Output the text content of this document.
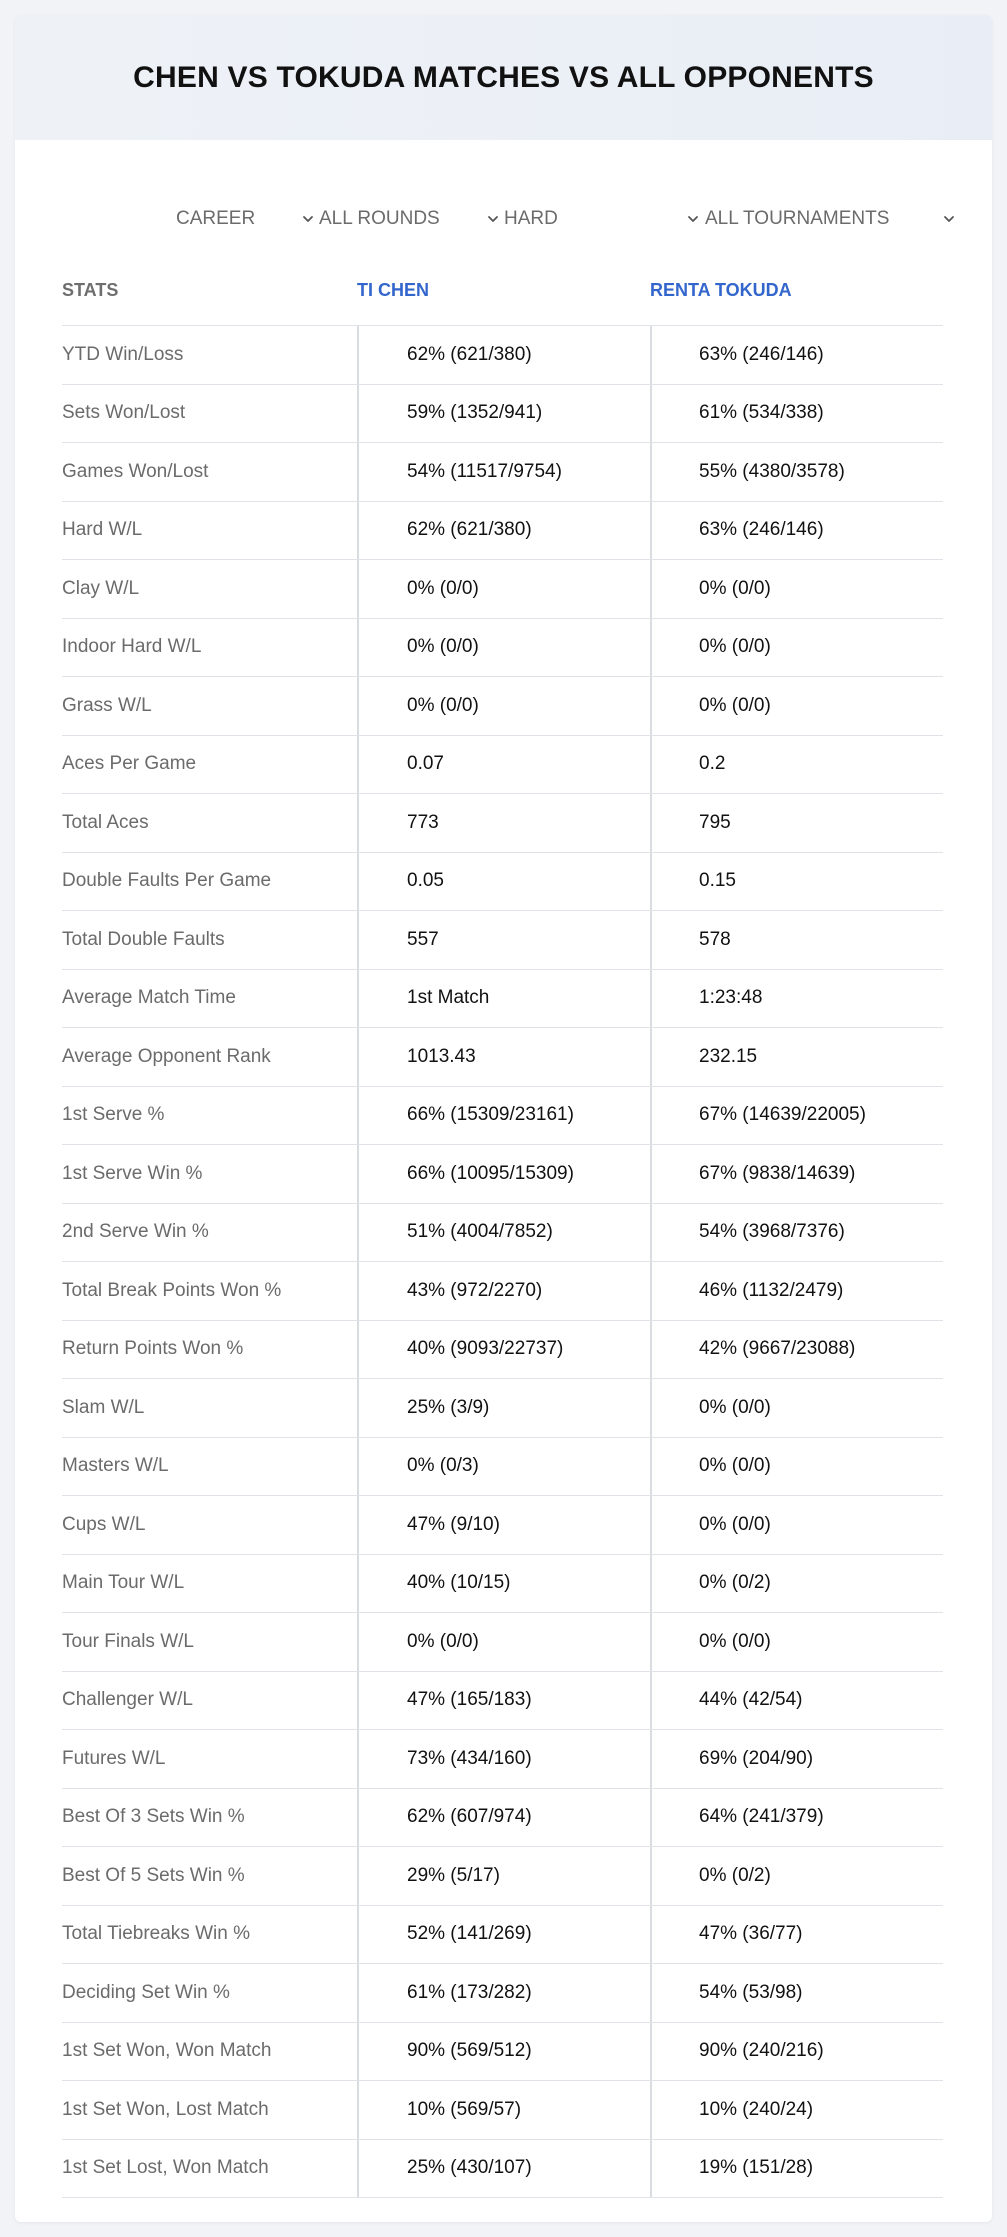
CHEN VS TOKUDA MATCHES VS ALL OPPONENTS
CAREER	ALL ROUNDS	HARD	ALL TOURNAMENTS
STATS	TI CHEN	RENTA TOKUDA
YTD Win/Loss	62% (621/380)	63% (246/146)
Sets Won/Lost	59% (1352/941)	61% (534/338)
Games Won/Lost	54% (11517/9754)	55% (4380/3578)
Hard W/L	62% (621/380)	63% (246/146)
Clay W/L	0% (0/0)	0% (0/0)
Indoor Hard W/L	0% (0/0)	0% (0/0)
Grass W/L	0% (0/0)	0% (0/0)
Aces Per Game	0.07	0.2
Total Aces	773	795
Double Faults Per Game	0.05	0.15
Total Double Faults	557	578
Average Match Time	1st Match	1:23:48
Average Opponent Rank	1013.43	232.15
1st Serve %	66% (15309/23161)	67% (14639/22005)
1st Serve Win %	66% (10095/15309)	67% (9838/14639)
2nd Serve Win %	51% (4004/7852)	54% (3968/7376)
Total Break Points Won %	43% (972/2270)	46% (1132/2479)
Return Points Won %	40% (9093/22737)	42% (9667/23088)
Slam W/L	25% (3/9)	0% (0/0)
Masters W/L	0% (0/3)	0% (0/0)
Cups W/L	47% (9/10)	0% (0/0)
Main Tour W/L	40% (10/15)	0% (0/2)
Tour Finals W/L	0% (0/0)	0% (0/0)
Challenger W/L	47% (165/183)	44% (42/54)
Futures W/L	73% (434/160)	69% (204/90)
Best Of 3 Sets Win %	62% (607/974)	64% (241/379)
Best Of 5 Sets Win %	29% (5/17)	0% (0/2)
Total Tiebreaks Win %	52% (141/269)	47% (36/77)
Deciding Set Win %	61% (173/282)	54% (53/98)
1st Set Won, Won Match	90% (569/512)	90% (240/216)
1st Set Won, Lost Match	10% (569/57)	10% (240/24)
1st Set Lost, Won Match	25% (430/107)	19% (151/28)
